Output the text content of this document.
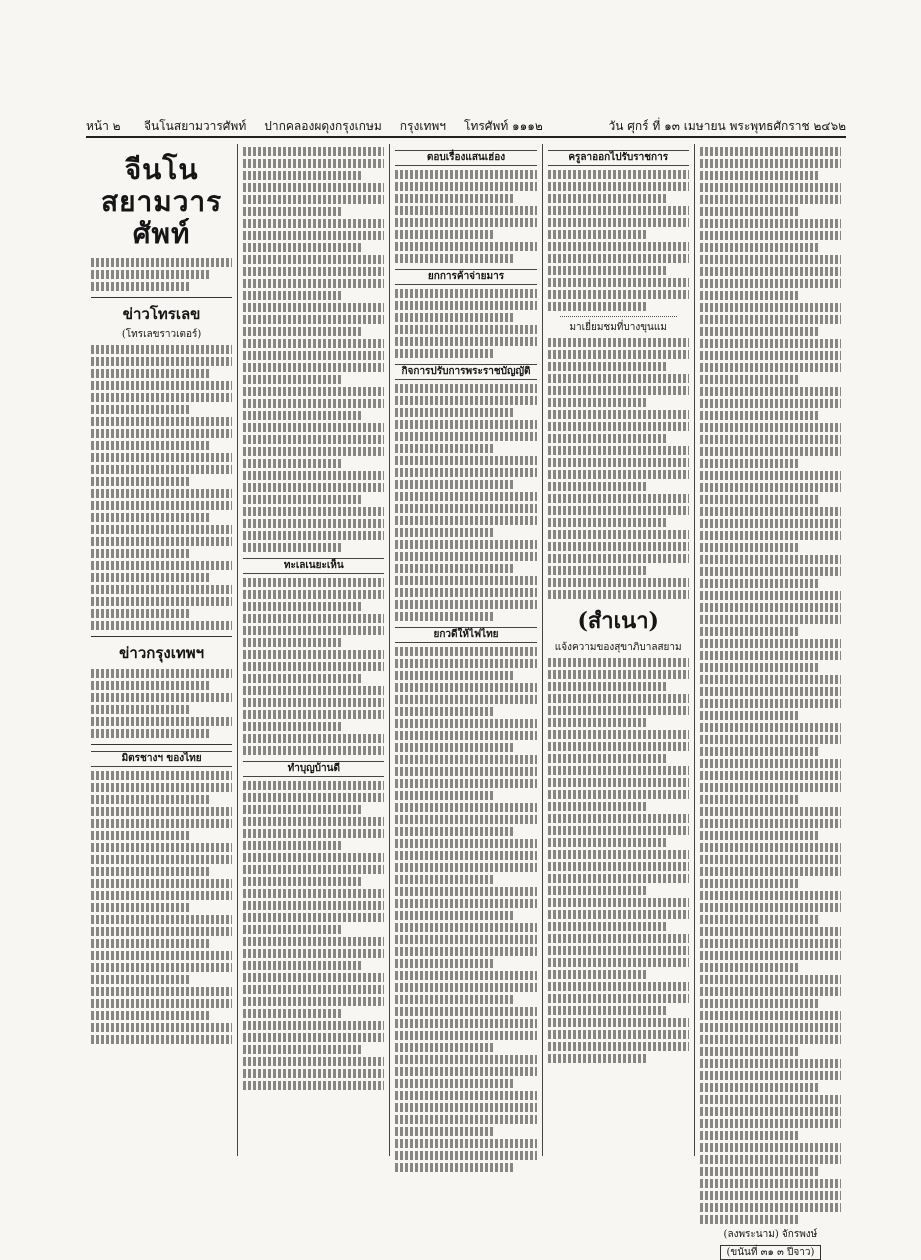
หน้า ๒	จีนโนสยามวารศัพท์ ปากคลองผดุงกรุงเกษม กรุงเทพฯ โทรศัพท์ ๑๑๑๒	วัน ศุกร์ ที่ ๑๓ เมษายน พระพุทธศักราช ๒๔๖๒
จีนโนสยามวารศัพท์
ข่าวโทรเลข
(โทรเลขราวเตอร์)
ข่าวกรุงเทพฯ
มิตรชางฯ ของไทย
ทะเลเนยะเห็น
ทำบุญบ้านดี
ตอบเรื่องแสนเฮ่อง
ยกการค้าจ่ายมาร
กิจการปรับการพระราชบัญญัติ
ยกวดีให้ไฟไทย
ครูลาออกไปรับราชการ
มาเยี่ยมชมที่บางขุนแม
(สำเนา)
แจ้งความของสุขาภิบาลสยาม
(ลงพระนาม) จักรพงษ์
(ขนันที่ ๓๑ ๓ ปีจาว)
